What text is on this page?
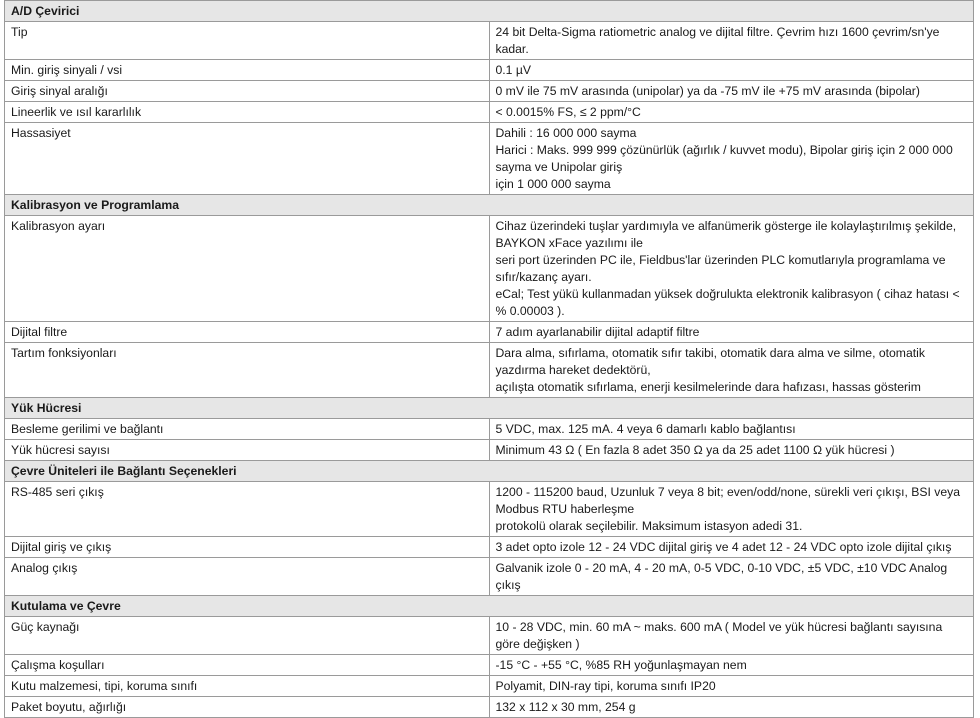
A/D Çevirici	
Tip	24 bit Delta-Sigma ratiometric analog ve dijital filtre. Çevrim hızı 1600 çevrim/sn'ye kadar.

Min. giriş sinyali / vsi	0.1 µV

Giriş sinyal aralığı	0 mV ile 75 mV arasında (unipolar) ya da -75 mV ile +75 mV arasında (bipolar)

Lineerlik ve ısıl kararlılık	< 0.0015% FS, ≤ 2 ppm/°C

Hassasiyet	Dahili : 16 000 000 sayma
Harici : Maks. 999 999 çözünürlük (ağırlık / kuvvet modu), Bipolar giriş için 2 000 000 sayma ve Unipolar giriş
için 1 000 000 sayma

Kalibrasyon ve Programlama	
Kalibrasyon ayarı	Cihaz üzerindeki tuşlar yardımıyla ve alfanümerik gösterge ile kolaylaştırılmış şekilde, BAYKON xFace yazılımı ile
seri port üzerinden PC ile, Fieldbus'lar üzerinden PLC komutlarıyla programlama ve sıfır/kazanç ayarı.
eCal; Test yükü kullanmadan yüksek doğrulukta elektronik kalibrasyon ( cihaz hatası < % 0.00003 ).

Dijital filtre	7 adım ayarlanabilir dijital adaptif filtre

Tartım fonksiyonları	Dara alma, sıfırlama, otomatik sıfır takibi, otomatik dara alma ve silme, otomatik yazdırma hareket dedektörü,
açılışta otomatik sıfırlama, enerji kesilmelerinde dara hafızası, hassas gösterim

Yük Hücresi	
Besleme gerilimi ve bağlantı	5 VDC, max. 125 mA. 4 veya 6 damarlı kablo bağlantısı

Yük hücresi sayısı	Minimum 43 Ω ( En fazla 8 adet 350 Ω ya da 25 adet 1100 Ω yük hücresi )

Çevre Üniteleri ile Bağlantı Seçenekleri	
RS-485 seri çıkış	1200 - 115200 baud, Uzunluk 7 veya 8 bit; even/odd/none, sürekli veri çıkışı, BSI veya Modbus RTU haberleşme
protokolü olarak seçilebilir. Maksimum istasyon adedi 31.

Dijital giriş ve çıkış	3 adet opto izole 12 - 24 VDC dijital giriş ve 4 adet 12 - 24 VDC opto izole dijital çıkış

Analog çıkış	Galvanik izole 0 - 20 mA, 4 - 20 mA, 0-5 VDC, 0-10 VDC, ±5 VDC, ±10 VDC Analog çıkış

Kutulama ve Çevre	
Güç kaynağı	10 - 28 VDC, min. 60 mA ~ maks. 600 mA ( Model ve yük hücresi bağlantı sayısına göre değişken )

Çalışma koşulları	-15 °C - +55 °C, %85 RH yoğunlaşmayan nem

Kutu malzemesi, tipi, koruma sınıfı	Polyamit, DIN-ray tipi, koruma sınıfı IP20

Paket boyutu, ağırlığı	132 x 112 x 30 mm, 254 g
